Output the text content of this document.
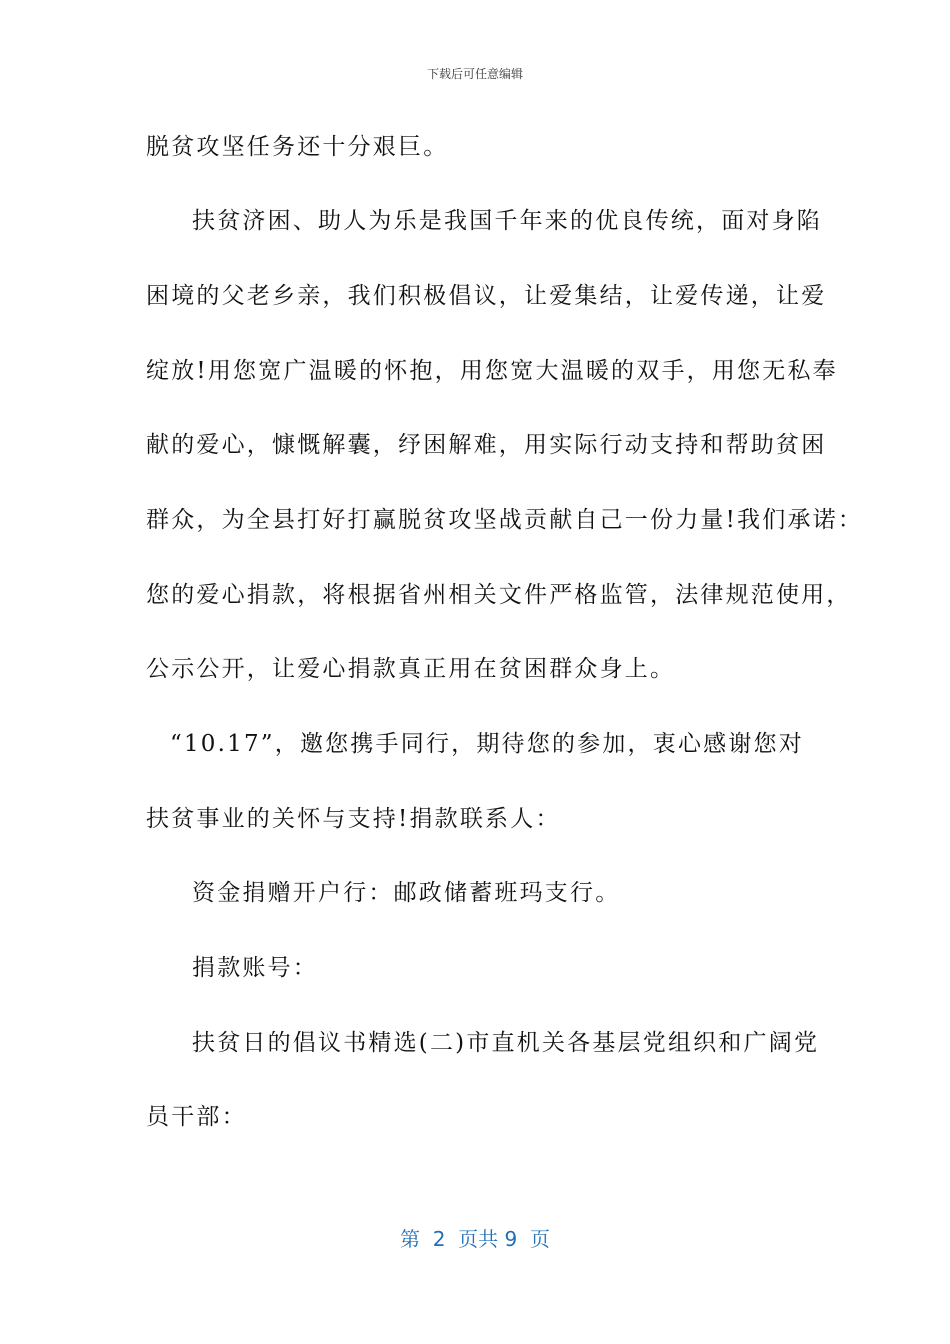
下载后可任意编辑
脱贫攻坚任务还十分艰巨。
扶贫济困、助人为乐是我国千年来的优良传统，面对身陷
困境的父老乡亲，我们积极倡议，让爱集结，让爱传递，让爱
绽放!用您宽广温暖的怀抱，用您宽大温暖的双手，用您无私奉
献的爱心，慷慨解囊，纾困解难，用实际行动支持和帮助贫困
群众，为全县打好打赢脱贫攻坚战贡献自己一份力量!我们承诺：
您的爱心捐款，将根据省州相关文件严格监管，法律规范使用，
公示公开，让爱心捐款真正用在贫困群众身上。
“10.17”，邀您携手同行，期待您的参加，衷心感谢您对
扶贫事业的关怀与支持!捐款联系人：
资金捐赠开户行：邮政储蓄班玛支行。
捐款账号：
扶贫日的倡议书精选(二)市直机关各基层党组织和广阔党
员干部：
第  2  页共 9  页
